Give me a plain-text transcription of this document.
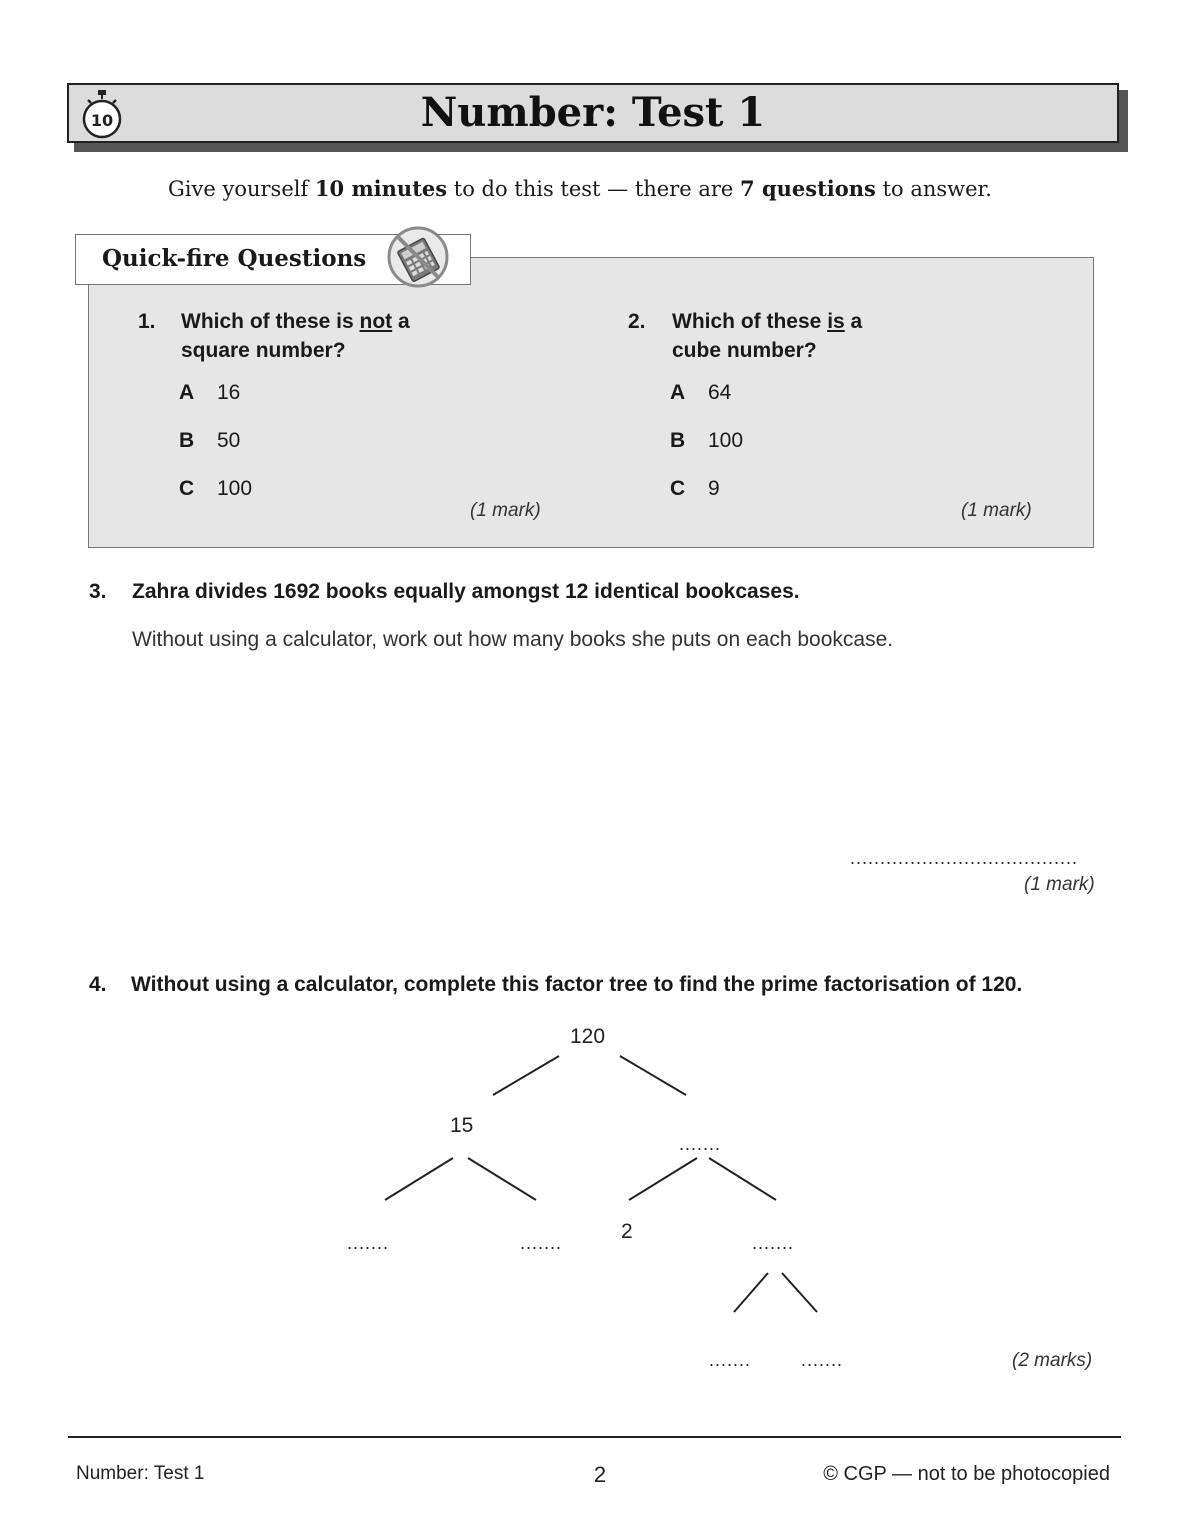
Number: Test 1
10
Give yourself 10 minutes to do this test — there are 7 questions to answer.
Quick-fire Questions
1. Which of these is not a
square number?
A 16
B 50
C 100
(1 mark)
2. Which of these is a
cube number?
A 64
B 100
C 9
(1 mark)
3. Zahra divides 1692 books equally amongst 12 identical bookcases.
Without using a calculator, work out how many books she puts on each bookcase.
......................................
(1 mark)
4. Without using a calculator, complete this factor tree to find the prime factorisation of 120.
120
15
.......
.......	.......	2	.......
.......	.......	(2 marks)
Number: Test 1	2	© CGP — not to be photocopied
